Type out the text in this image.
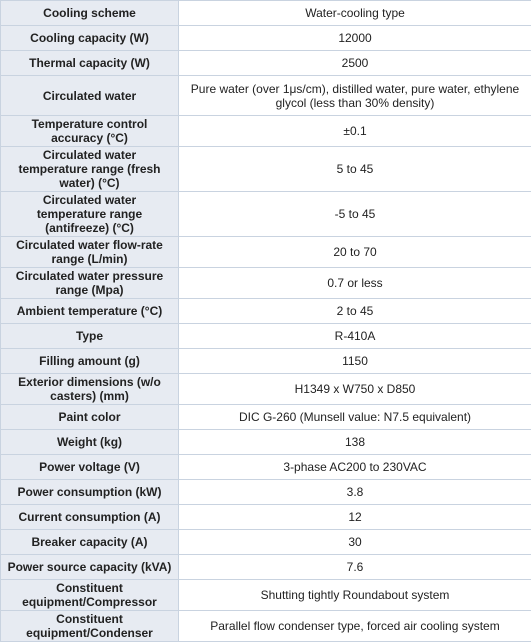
Cooling scheme	Water-cooling type
Cooling capacity (W)	12000
Thermal capacity (W)	2500
Circulated water	Pure water (over 1μs/cm), distilled water, pure water, ethylene glycol (less than 30% density)
Temperature control accuracy (°C)	±0.1
Circulated water temperature range (fresh water) (°C)	5 to 45
Circulated water temperature range (antifreeze) (°C)	-5 to 45
Circulated water flow-rate range (L/min)	20 to 70
Circulated water pressure range (Mpa)	0.7 or less
Ambient temperature (°C)	2 to 45
Type	R-410A
Filling amount (g)	1150
Exterior dimensions (w/o casters) (mm)	H1349 x W750 x D850
Paint color	DIC G-260 (Munsell value: N7.5 equivalent)
Weight (kg)	138
Power voltage (V)	3-phase AC200 to 230VAC
Power consumption (kW)	3.8
Current consumption (A)	12
Breaker capacity (A)	30
Power source capacity (kVA)	7.6
Constituent equipment/Compressor	Shutting tightly Roundabout system
Constituent equipment/Condenser	Parallel flow condenser type, forced air cooling system
